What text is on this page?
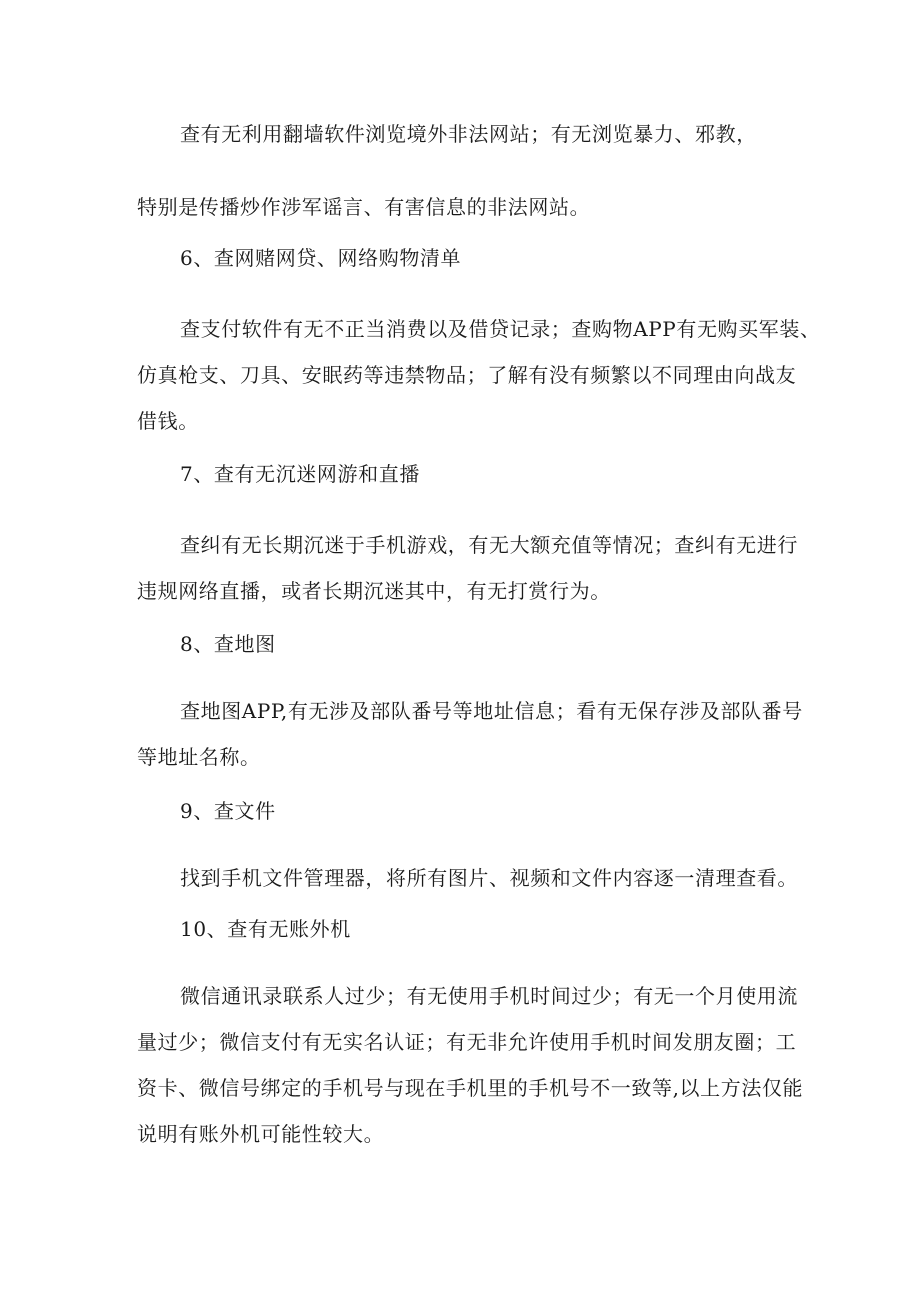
查有无利用翻墙软件浏览境外非法网站；有无浏览暴力、邪教，
特别是传播炒作涉军谣言、有害信息的非法网站。
6、查网赌网贷、网络购物清单
查支付软件有无不正当消费以及借贷记录；查购物APP有无购买军装、
仿真枪支、刀具、安眠药等违禁物品；了解有没有频繁以不同理由向战友
借钱。
7、查有无沉迷网游和直播
查纠有无长期沉迷于手机游戏，有无大额充值等情况；查纠有无进行
违规网络直播，或者长期沉迷其中，有无打赏行为。
8、查地图
查地图APP,有无涉及部队番号等地址信息；看有无保存涉及部队番号
等地址名称。
9、查文件
找到手机文件管理器，将所有图片、视频和文件内容逐一清理查看。
10、查有无账外机
微信通讯录联系人过少；有无使用手机时间过少；有无一个月使用流
量过少；微信支付有无实名认证；有无非允许使用手机时间发朋友圈；工
资卡、微信号绑定的手机号与现在手机里的手机号不一致等,以上方法仅能
说明有账外机可能性较大。
